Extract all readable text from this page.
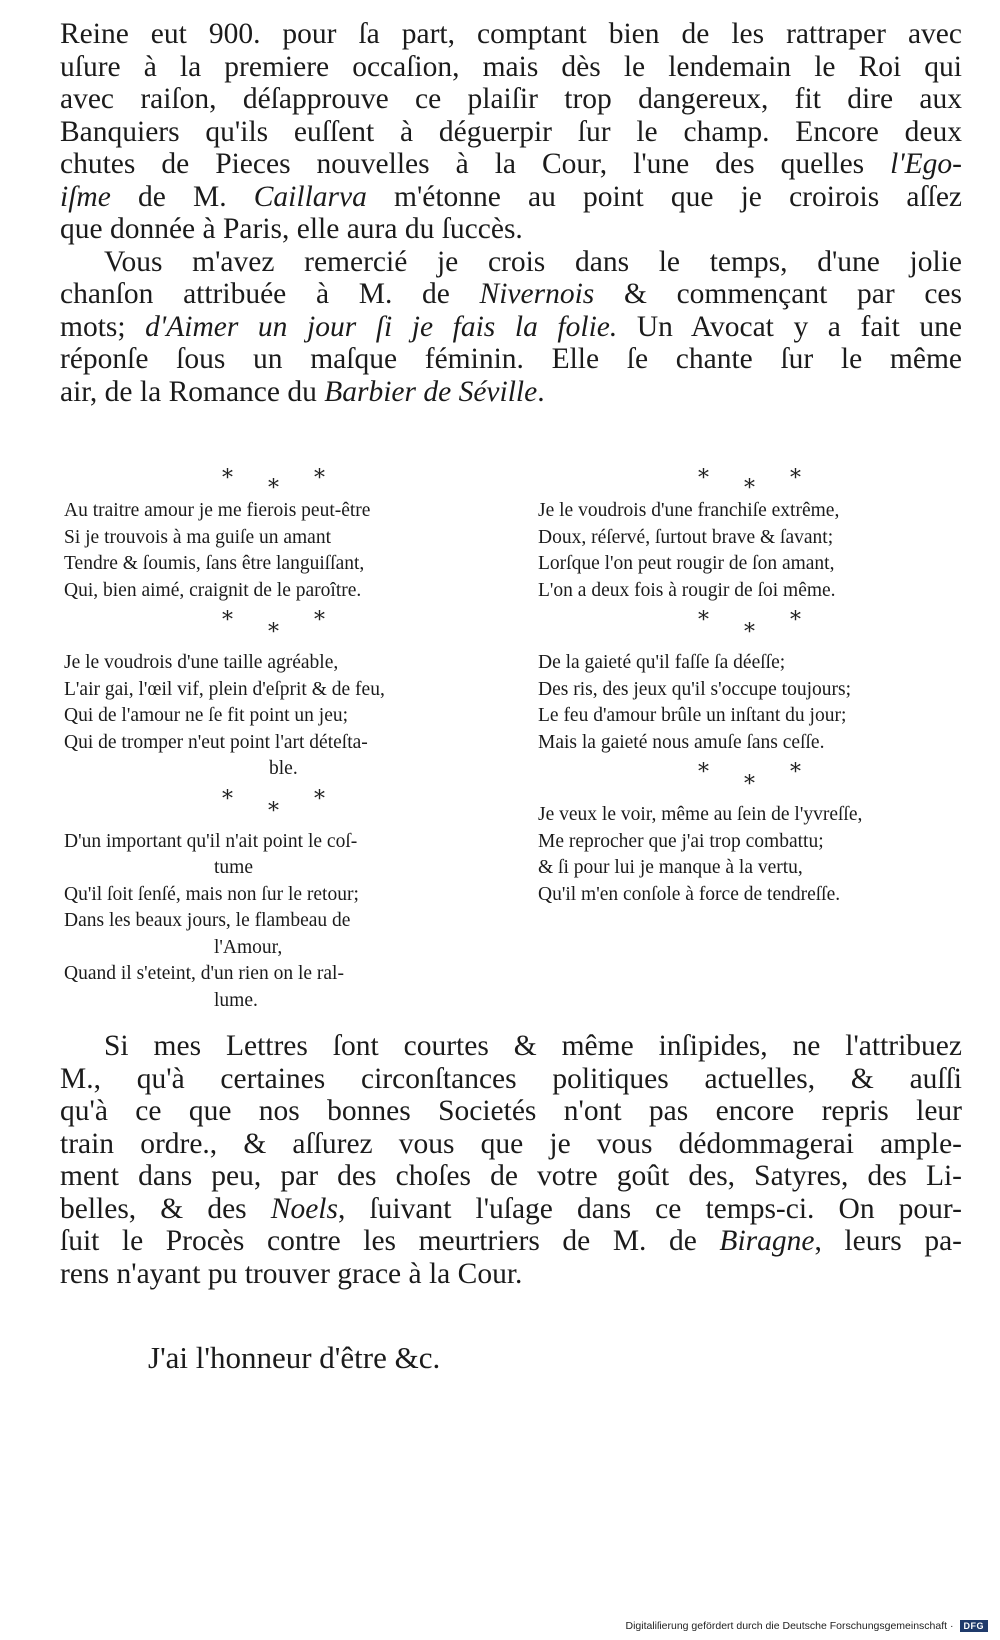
Reine eut 900. pour ſa part, comptant bien de les rattraper avec
uſure à la premiere occaſion, mais dès le lendemain le Roi qui
avec raiſon, déſapprouve ce plaiſir trop dangereux, fit dire aux
Banquiers qu'ils euſſent à déguerpir ſur le champ. Encore deux
chutes de Pieces nouvelles à la Cour, l'une des quelles l'Ego-
iſme de M. Caillarva m'étonne au point que je croirois aſſez
que donnée à Paris, elle aura du ſuccès.

Vous m'avez remercié je crois dans le temps, d'une jolie
chanſon attribuée à M. de Nivernois & commençant par ces
mots; d'Aimer un jour ſi je fais la folie. Un Avocat y a fait une
réponſe ſous un maſque féminin. Elle ſe chante ſur le même
air, de la Romance du Barbier de Séville.

* * *
Au traitre amour je me fierois peut-être
Si je trouvois à ma guiſe un amant
Tendre & ſoumis, ſans être languiſſant,
Qui, bien aimé, craignit de le paroître.
* * *
Je le voudrois d'une taille agréable,
L'air gai, l'œil vif, plein d'eſprit & de feu,
Qui de l'amour ne ſe fit point un jeu;
Qui de tromper n'eut point l'art déteſta-
ble.
* * *
D'un important qu'il n'ait point le coſ-
tume
Qu'il ſoit ſenſé, mais non ſur le retour;
Dans les beaux jours, le flambeau de
l'Amour,
Quand il s'eteint, d'un rien on le ral-
lume.
* * *
Je le voudrois d'une franchiſe extrême,
Doux, réſervé, ſurtout brave & ſavant;
Lorſque l'on peut rougir de ſon amant,
L'on a deux fois à rougir de ſoi même.
* * *
De la gaieté qu'il faſſe ſa déeſſe;
Des ris, des jeux qu'il s'occupe toujours;
Le feu d'amour brûle un inſtant du jour;
Mais la gaieté nous amuſe ſans ceſſe.
* * *
Je veux le voir, même au ſein de l'yvreſſe,
Me reprocher que j'ai trop combattu;
& ſi pour lui je manque à la vertu,
Qu'il m'en conſole à force de tendreſſe.

Si mes Lettres ſont courtes & même inſipides, ne l'attribuez
M., qu'à certaines circonſtances politiques actuelles, & auſſi
qu'à ce que nos bonnes Societés n'ont pas encore repris leur
train ordre., & aſſurez vous que je vous dédommagerai ample-
ment dans peu, par des choſes de votre goût des, Satyres, des Li-
belles, & des Noels, ſuivant l'uſage dans ce temps-ci. On pour-
ſuit le Procès contre les meurtriers de M. de Biragne, leurs pa-
rens n'ayant pu trouver grace à la Cour.

J'ai l'honneur d'être &c.
Digitaliſierung gefördert durch die Deutsche Forschungsgemeinschaft ·	DFG
